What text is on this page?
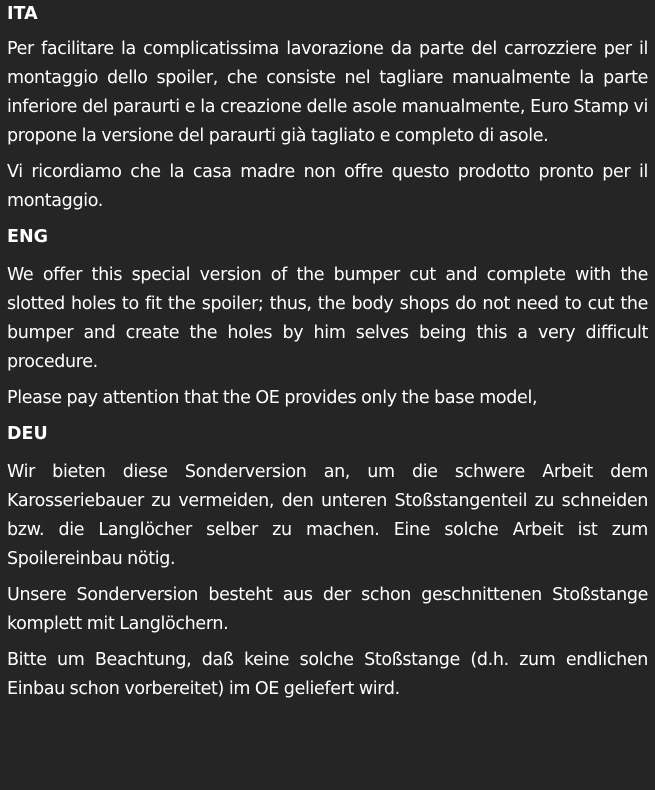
ITA

Per facilitare la complicatissima lavorazione da parte del carrozziere per il montaggio dello spoiler, che consiste nel tagliare manualmente la parte inferiore del paraurti e la creazione delle asole manualmente, Euro Stamp vi propone la versione del paraurti già tagliato e completo di asole.

Vi ricordiamo che la casa madre non offre questo prodotto pronto per il montaggio.

ENG

We offer this special version of the bumper cut and complete with the slotted holes to fit the spoiler; thus, the body shops do not need to cut the bumper and create the holes by him selves being this a very difficult procedure.

Please pay attention that the OE provides only the base model,

DEU

Wir bieten diese Sonderversion an, um die schwere Arbeit dem Karosseriebauer zu vermeiden, den unteren Stoßstangenteil zu schneiden bzw. die Langlöcher selber zu machen. Eine solche Arbeit ist zum Spoilereinbau nötig.

Unsere Sonderversion besteht aus der schon geschnittenen Stoßstange komplett mit Langlöchern.

Bitte um Beachtung, daß keine solche Stoßstange (d.h. zum endlichen Einbau schon vorbereitet) im OE geliefert wird.
